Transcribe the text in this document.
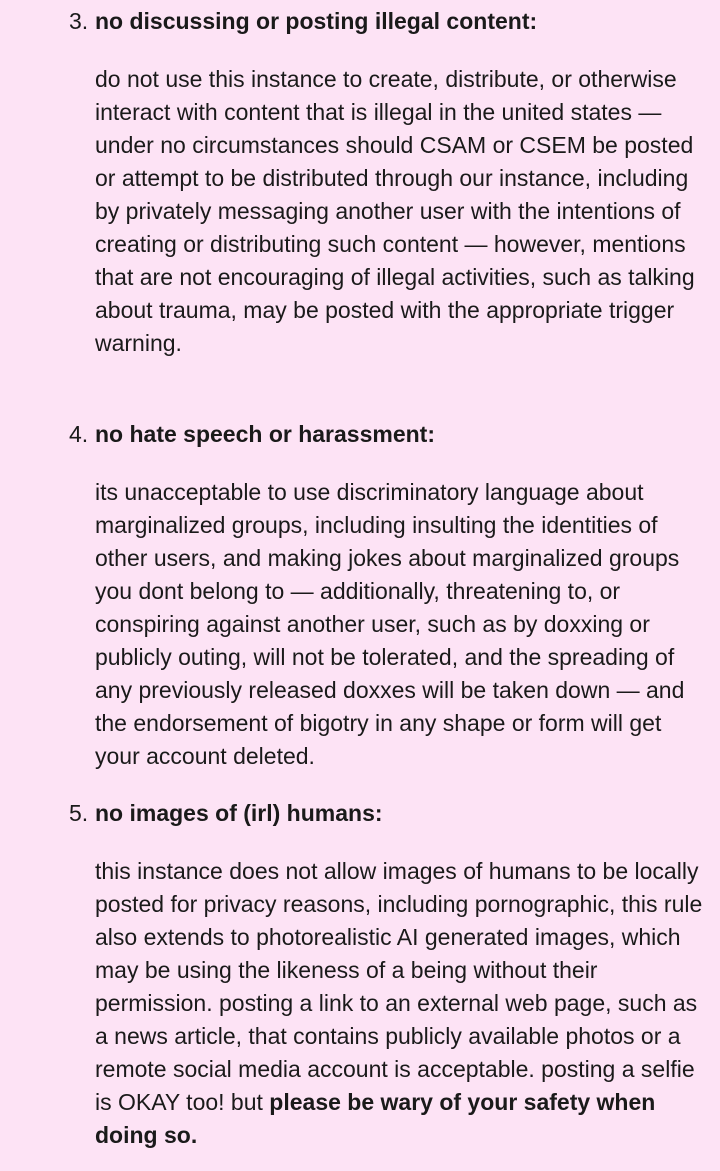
3. no discussing or posting illegal content:
do not use this instance to create, distribute, or otherwise interact with content that is illegal in the united states — under no circumstances should CSAM or CSEM be posted or attempt to be distributed through our instance, including by privately messaging another user with the intentions of creating or distributing such content — however, mentions that are not encouraging of illegal activities, such as talking about trauma, may be posted with the appropriate trigger warning.
4. no hate speech or harassment:
its unacceptable to use discriminatory language about marginalized groups, including insulting the identities of other users, and making jokes about marginalized groups you dont belong to — additionally, threatening to, or conspiring against another user, such as by doxxing or publicly outing, will not be tolerated, and the spreading of any previously released doxxes will be taken down — and the endorsement of bigotry in any shape or form will get your account deleted.
5. no images of (irl) humans:
this instance does not allow images of humans to be locally posted for privacy reasons, including pornographic, this rule also extends to photorealistic AI generated images, which may be using the likeness of a being without their permission. posting a link to an external web page, such as a news article, that contains publicly available photos or a remote social media account is acceptable. posting a selfie is OKAY too! but please be wary of your safety when doing so.
